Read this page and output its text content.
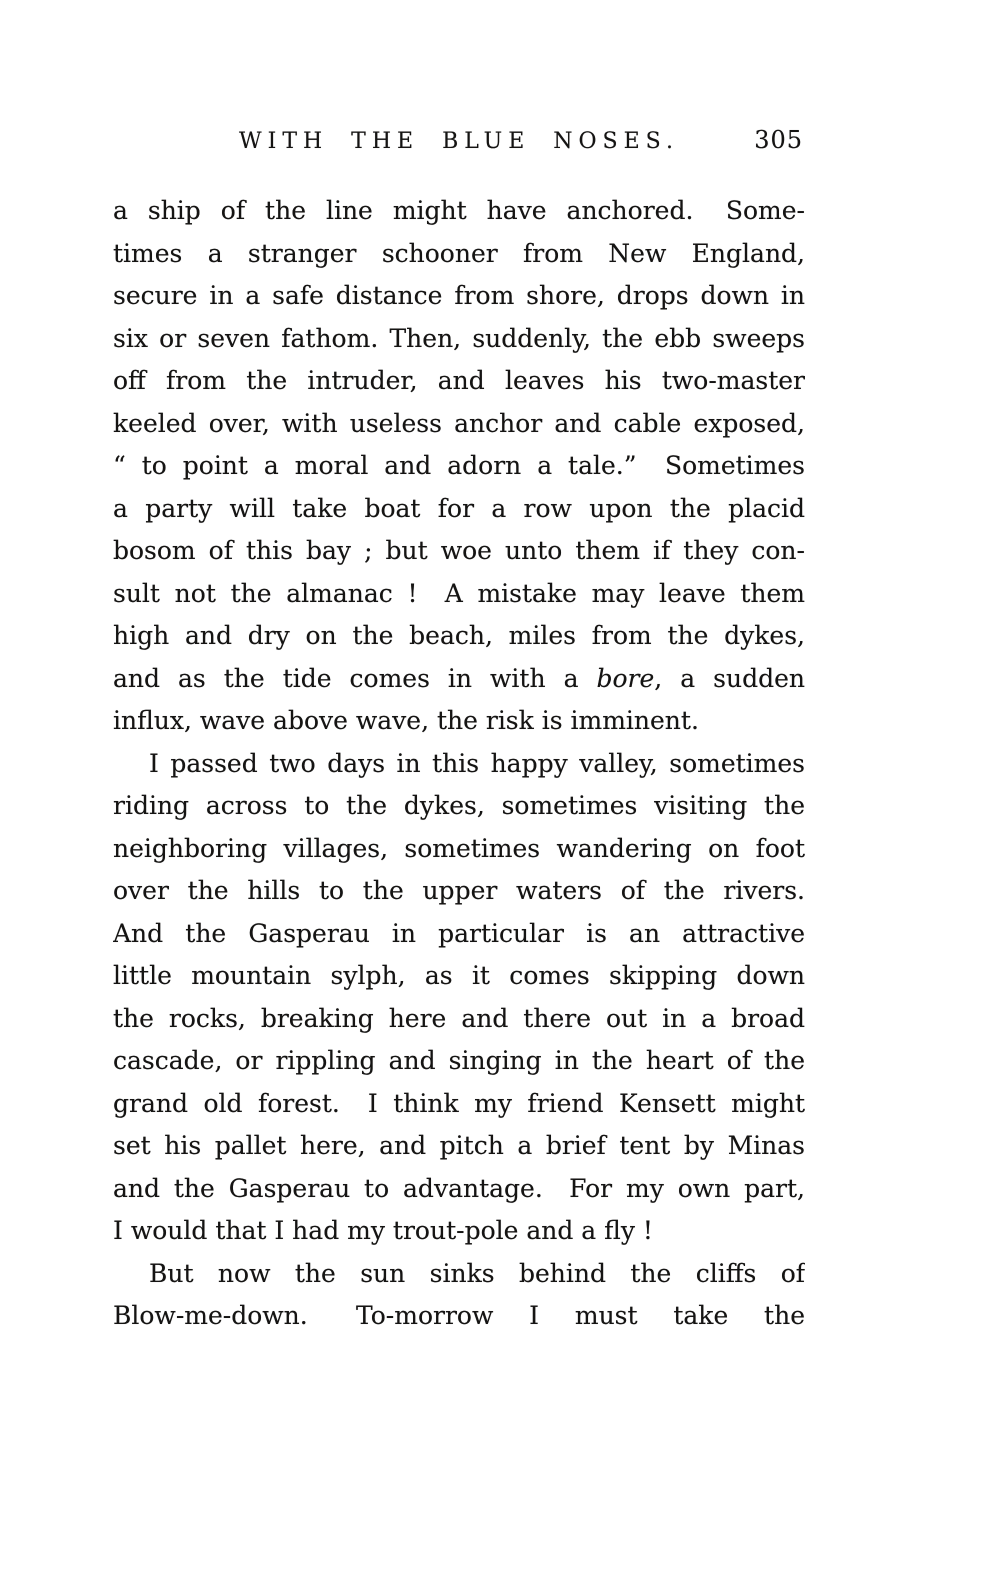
WITH THE BLUE NOSES.	305
a ship of the line might have anchored.  Some-
times a stranger schooner from New England,
secure in a safe distance from shore, drops down in
six or seven fathom. Then, suddenly, the ebb sweeps
off from the intruder, and leaves his two-master
keeled over, with useless anchor and cable exposed,
“ to point a moral and adorn a tale.”  Sometimes
a party will take boat for a row upon the placid
bosom of this bay ; but woe unto them if they con-
sult not the almanac !  A mistake may leave them
high and dry on the beach, miles from the dykes,
and as the tide comes in with a bore, a sudden
influx, wave above wave, the risk is imminent.
I passed two days in this happy valley, sometimes
riding across to the dykes, sometimes visiting the
neighboring villages, sometimes wandering on foot
over the hills to the upper waters of the rivers.
And the Gasperau in particular is an attractive
little mountain sylph, as it comes skipping down
the rocks, breaking here and there out in a broad
cascade, or rippling and singing in the heart of the
grand old forest.  I think my friend Kensett might
set his pallet here, and pitch a brief tent by Minas
and the Gasperau to advantage.  For my own part,
I would that I had my trout-pole and a fly !
But now the sun sinks behind the cliffs of
Blow-me-down.  To-morrow I must take the
